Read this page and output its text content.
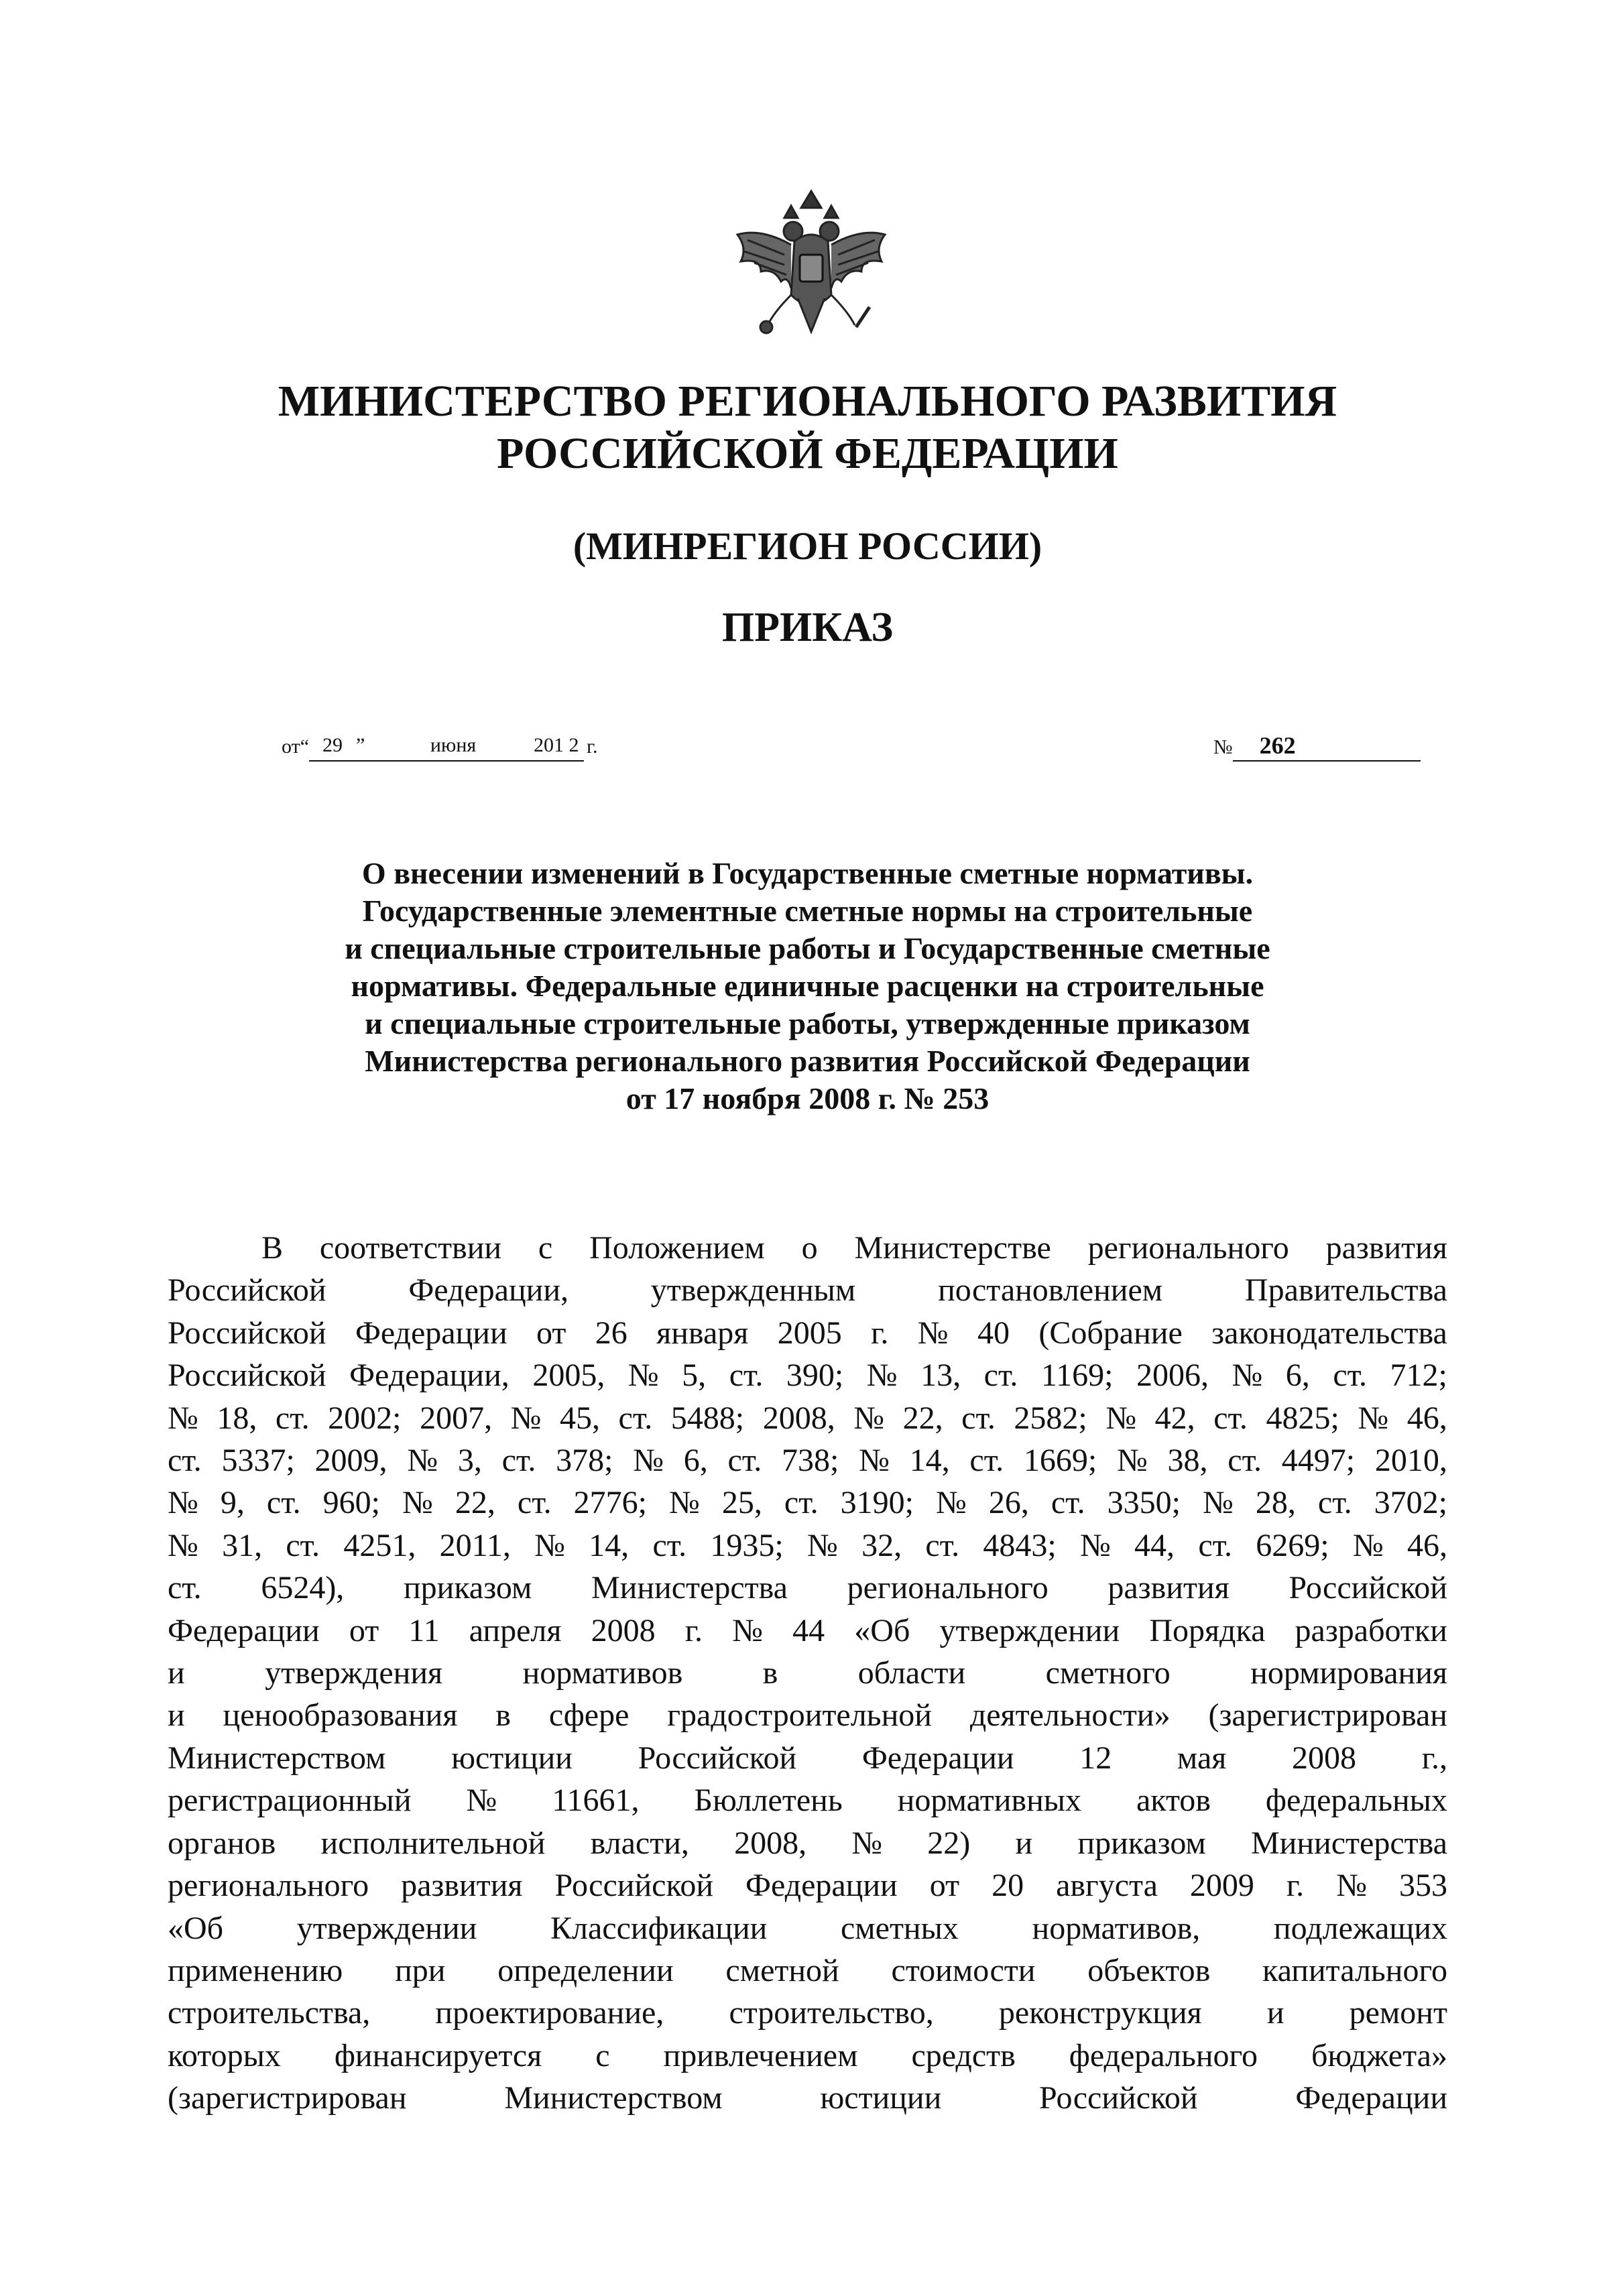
МИНИСТЕРСТВО РЕГИОНАЛЬНОГО РАЗВИТИЯ
РОССИЙСКОЙ ФЕДЕРАЦИИ
(МИНРЕГИОН РОССИИ)
ПРИКАЗ
от“ 29 ”	июня	201 2 г.	№ 262
О внесении изменений в Государственные сметные нормативы.
Государственные элементные сметные нормы на строительные
и специальные строительные работы и Государственные сметные
нормативы. Федеральные единичные расценки на строительные
и специальные строительные работы, утвержденные приказом
Министерства регионального развития Российской Федерации
от 17 ноября 2008 г. № 253
В соответствии с Положением о Министерстве регионального развития
Российской	Федерации,	утвержденным	постановлением	Правительства
Российской Федерации от 26 января 2005 г. № 40 (Собрание законодательства
Российской Федерации, 2005, № 5, ст. 390; № 13, ст. 1169; 2006, № 6, ст. 712;
№ 18, ст. 2002; 2007, № 45, ст. 5488; 2008, № 22, ст. 2582; № 42, ст. 4825; № 46,
ст. 5337; 2009, № 3, ст. 378; № 6, ст. 738; № 14, ст. 1669; № 38, ст. 4497; 2010,
№ 9, ст. 960; № 22, ст. 2776; № 25, ст. 3190; № 26, ст. 3350; № 28, ст. 3702;
№ 31, ст. 4251, 2011, № 14, ст. 1935; № 32, ст. 4843; № 44, ст. 6269; № 46,
ст. 6524), приказом Министерства регионального развития Российской
Федерации от 11 апреля 2008 г. № 44 «Об утверждении Порядка разработки
и утверждения нормативов в области сметного нормирования
и ценообразования в сфере градостроительной деятельности» (зарегистрирован
Министерством юстиции Российской Федерации 12 мая 2008 г.,
регистрационный № 11661, Бюллетень нормативных актов федеральных
органов исполнительной власти, 2008, № 22) и приказом Министерства
регионального развития Российской Федерации от 20 августа 2009 г. № 353
«Об утверждении Классификации сметных нормативов, подлежащих
применению при определении сметной стоимости объектов капитального
строительства, проектирование, строительство, реконструкция и ремонт
которых финансируется с привлечением средств федерального бюджета»
(зарегистрирован	Министерством	юстиции	Российской	Федерации
